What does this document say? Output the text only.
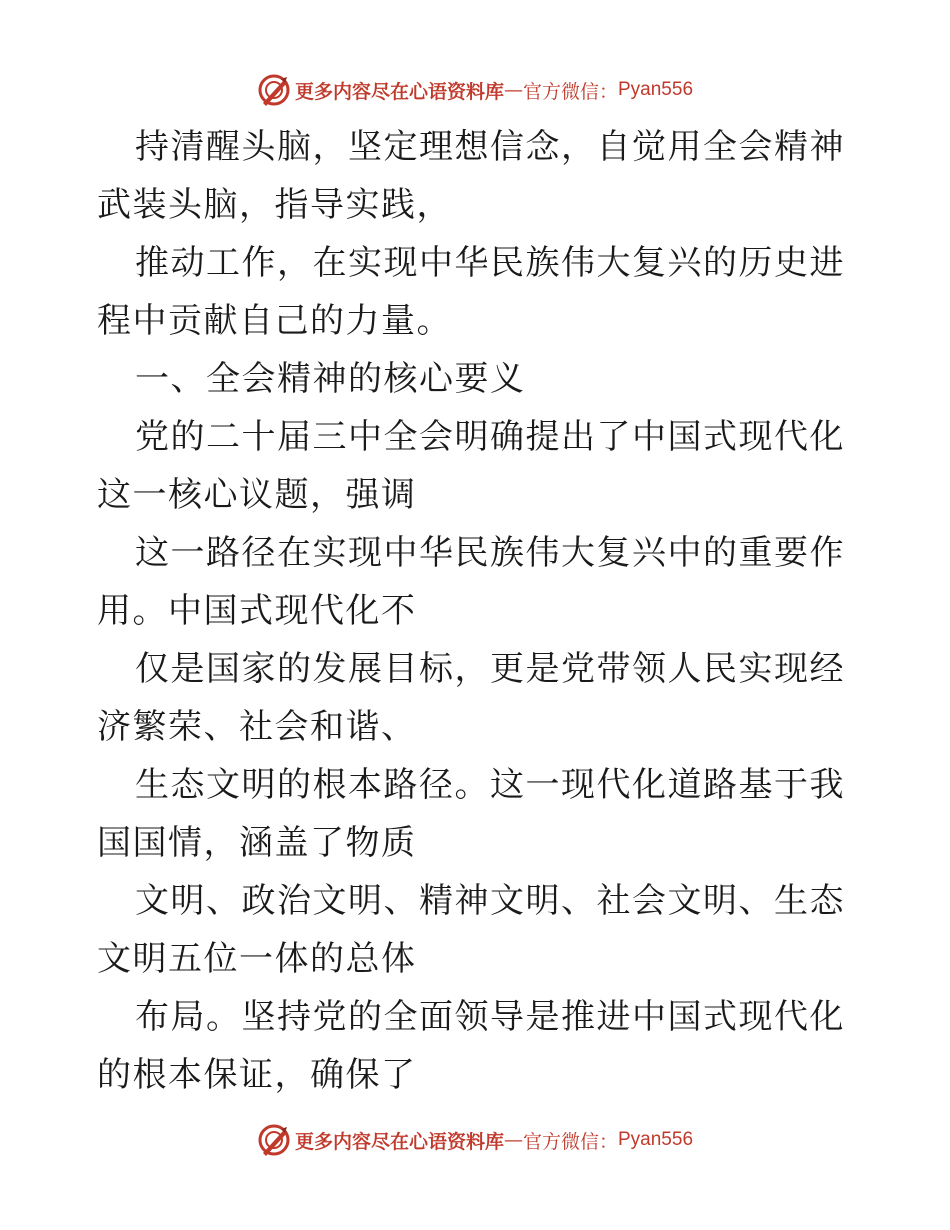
更多内容尽在心语资料库 — 官方微信： Pyan556

持清醒头脑，坚定理想信念，自觉用全会精神武装头脑，指导实践，

推动工作，在实现中华民族伟大复兴的历史进程中贡献自己的力量。

一、全会精神的核心要义

党的二十届三中全会明确提出了中国式现代化这一核心议题，强调

这一路径在实现中华民族伟大复兴中的重要作用。中国式现代化不

仅是国家的发展目标，更是党带领人民实现经济繁荣、社会和谐、

生态文明的根本路径。这一现代化道路基于我国国情，涵盖了物质

文明、政治文明、精神文明、社会文明、生态文明五位一体的总体

布局。坚持党的全面领导是推进中国式现代化的根本保证，确保了

更多内容尽在心语资料库 — 官方微信： Pyan556
